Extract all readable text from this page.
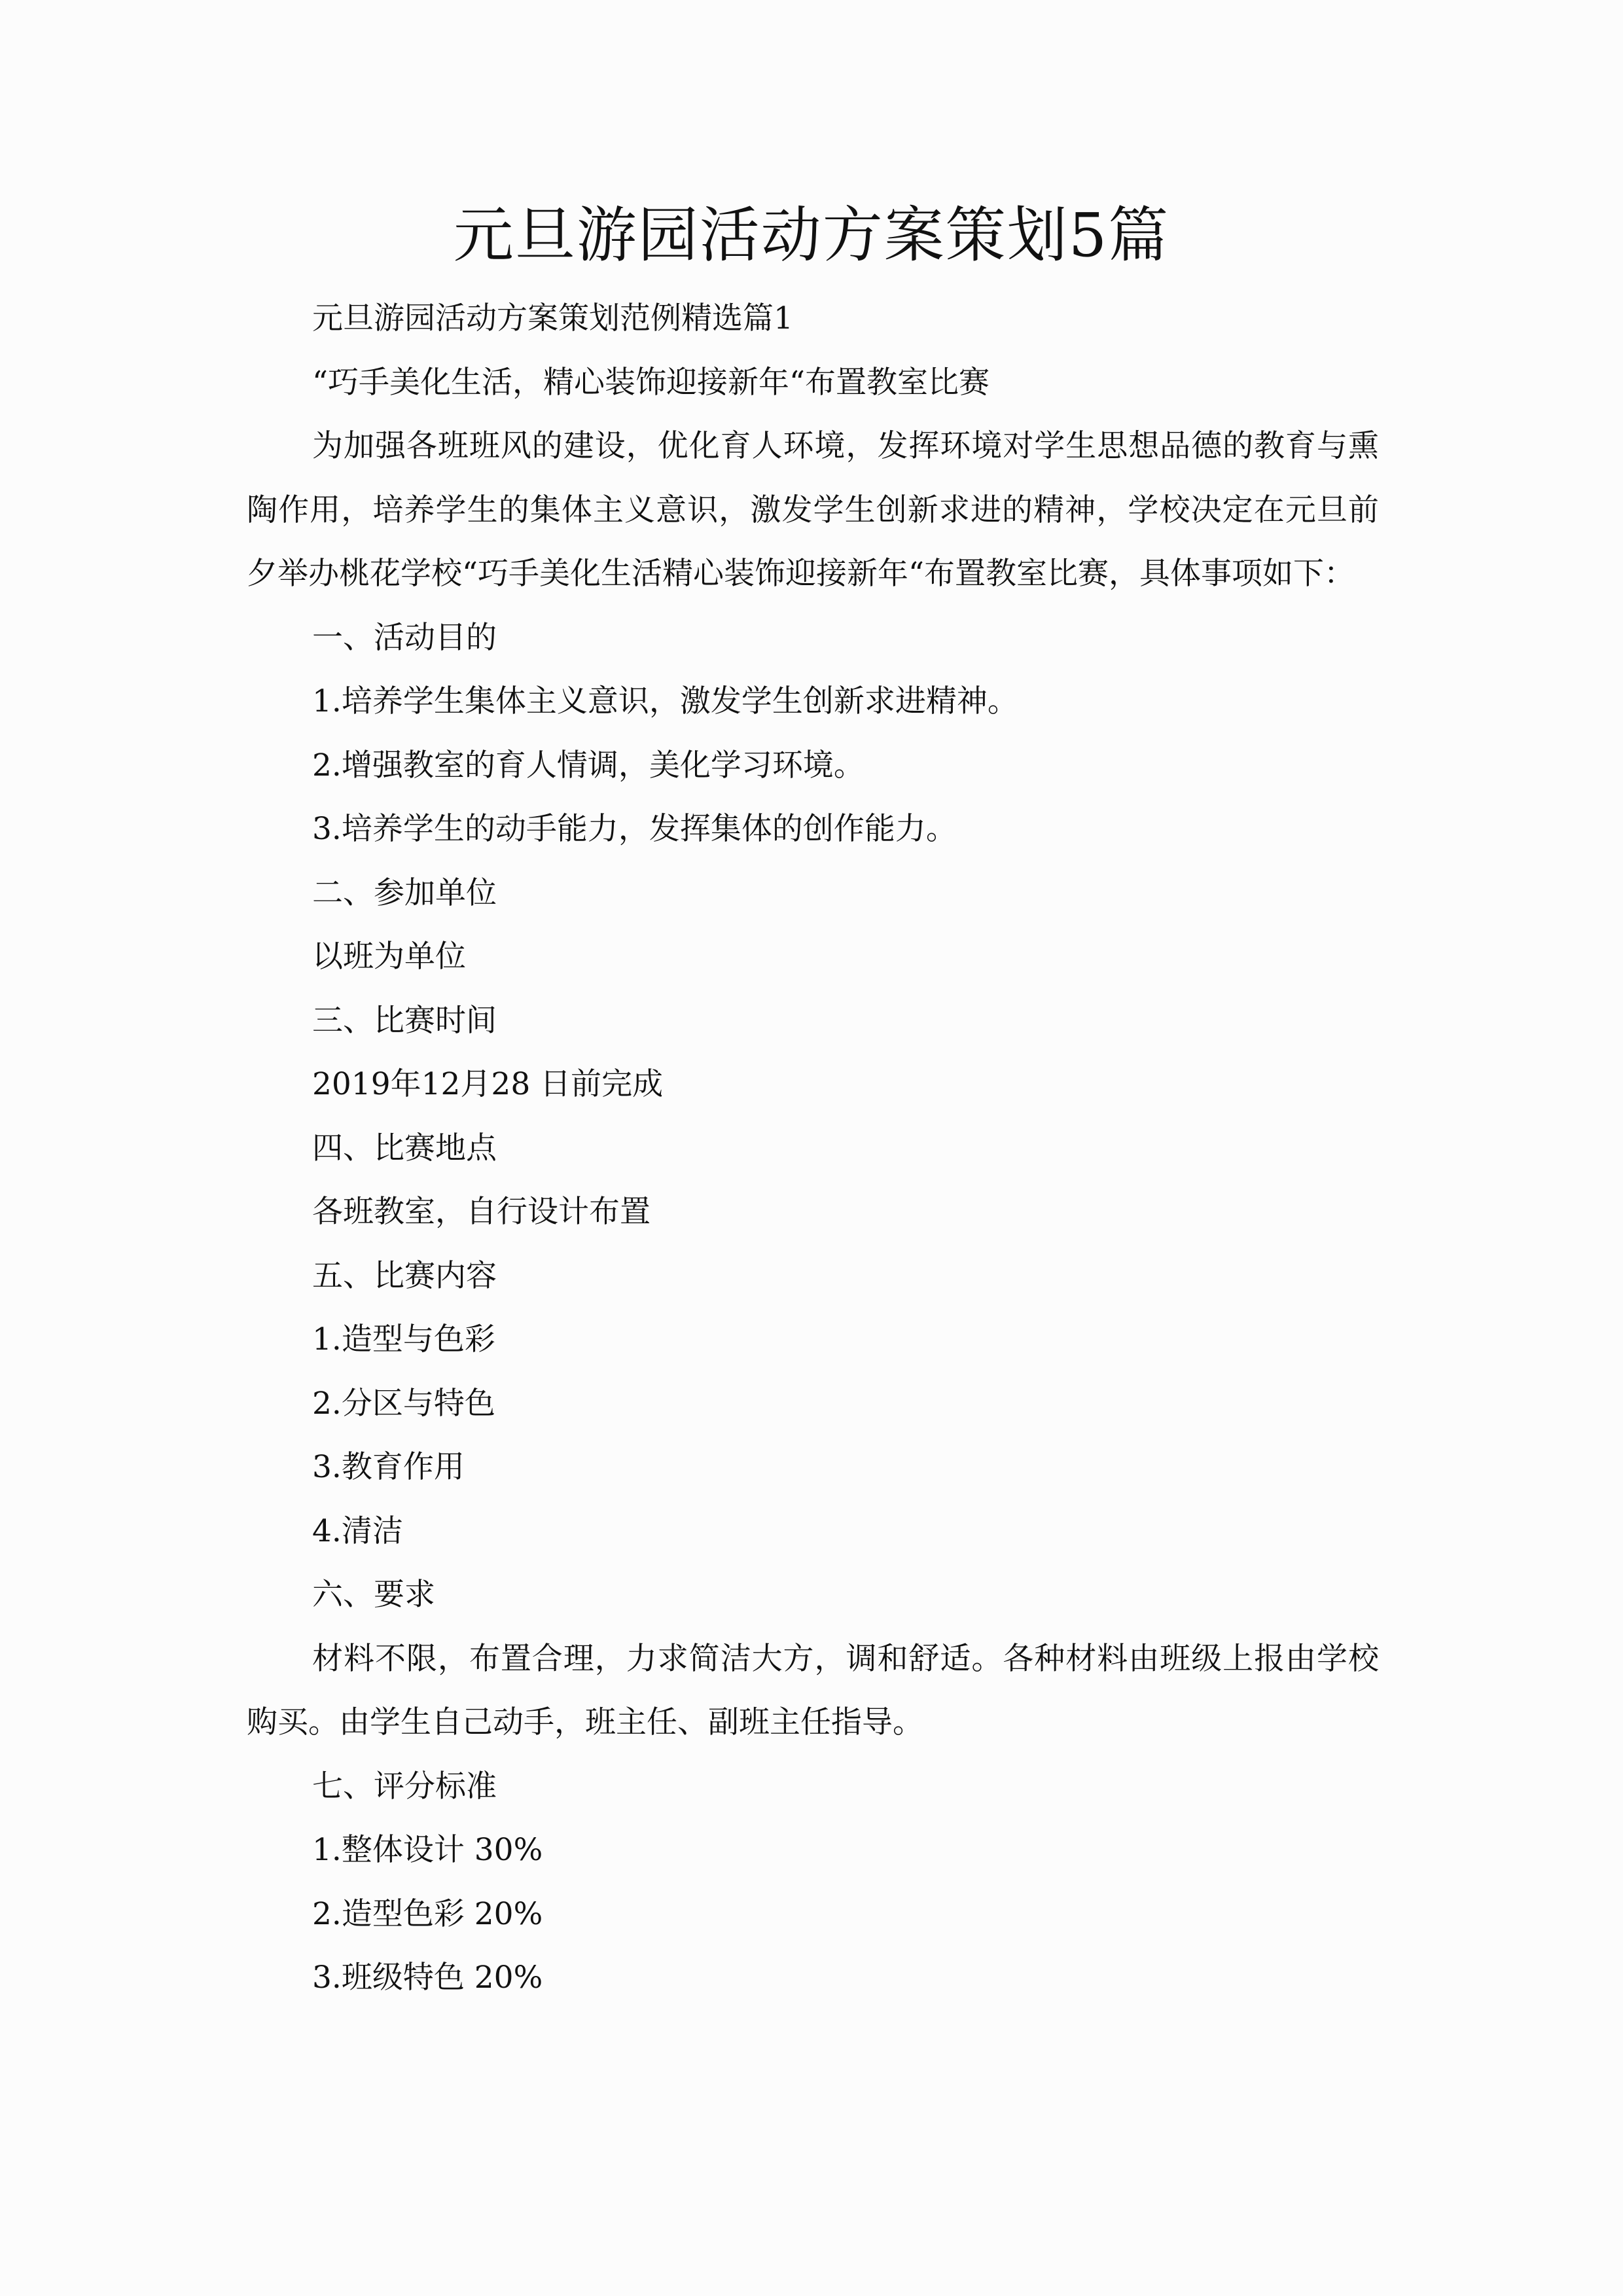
元旦游园活动方案策划5篇

元旦游园活动方案策划范例精选篇1

“巧手美化生活，精心装饰迎接新年“布置教室比赛

为加强各班班风的建设，优化育人环境，发挥环境对学生思想品德的教育与熏陶作用，培养学生的集体主义意识，激发学生创新求进的精神，学校决定在元旦前夕举办桃花学校“巧手美化生活精心装饰迎接新年“布置教室比赛，具体事项如下：

一、活动目的

1.培养学生集体主义意识，激发学生创新求进精神。

2.增强教室的育人情调，美化学习环境。

3.培养学生的动手能力，发挥集体的创作能力。

二、参加单位

以班为单位

三、比赛时间

2019年12月28 日前完成

四、比赛地点

各班教室，自行设计布置

五、比赛内容

1.造型与色彩

2.分区与特色

3.教育作用

4.清洁

六、要求

材料不限，布置合理，力求简洁大方，调和舒适。各种材料由班级上报由学校购买。由学生自己动手，班主任、副班主任指导。

七、评分标准

1.整体设计 30%

2.造型色彩 20%

3.班级特色 20%
